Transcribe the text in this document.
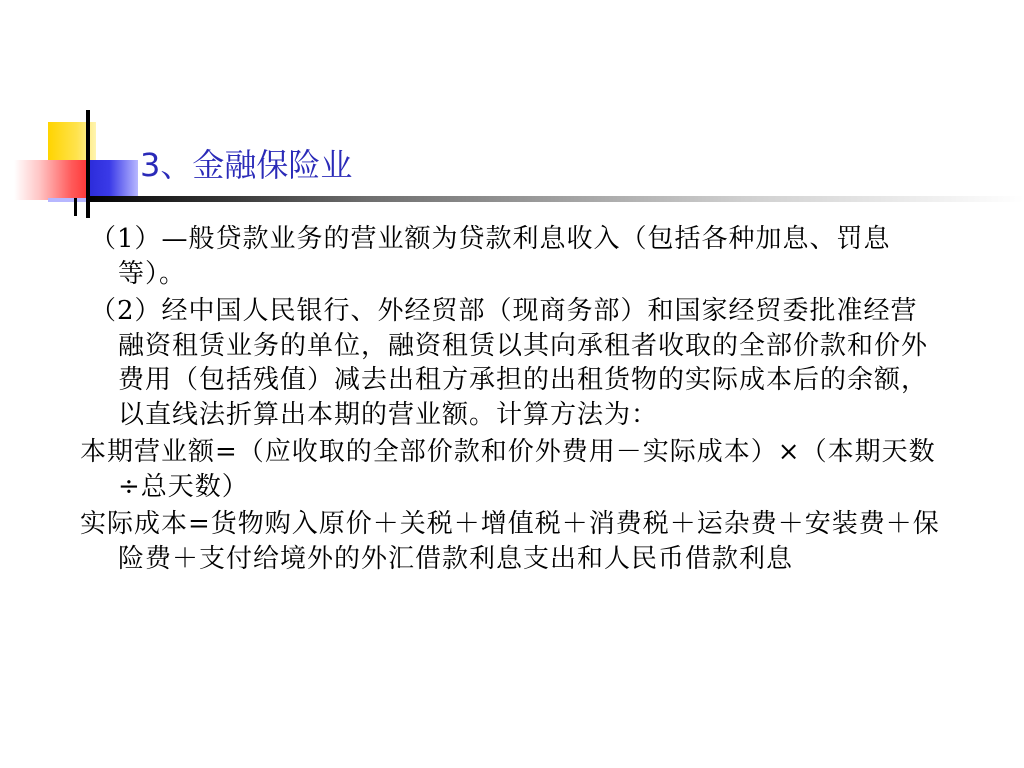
3、金融保险业

（1）—般贷款业务的营业额为贷款利息收入（包括各种加息、罚息等）。

（2）经中国人民银行、外经贸部（现商务部）和国家经贸委批准经营融资租赁业务的单位，融资租赁以其向承租者收取的全部价款和价外费用（包括残值）减去出租方承担的出租货物的实际成本后的余额，以直线法折算出本期的营业额。计算方法为：

本期营业额=（应收取的全部价款和价外费用－实际成本）×（本期天数÷总天数）

实际成本=货物购入原价＋关税＋增值税＋消费税＋运杂费＋安装费＋保险费＋支付给境外的外汇借款利息支出和人民币借款利息
